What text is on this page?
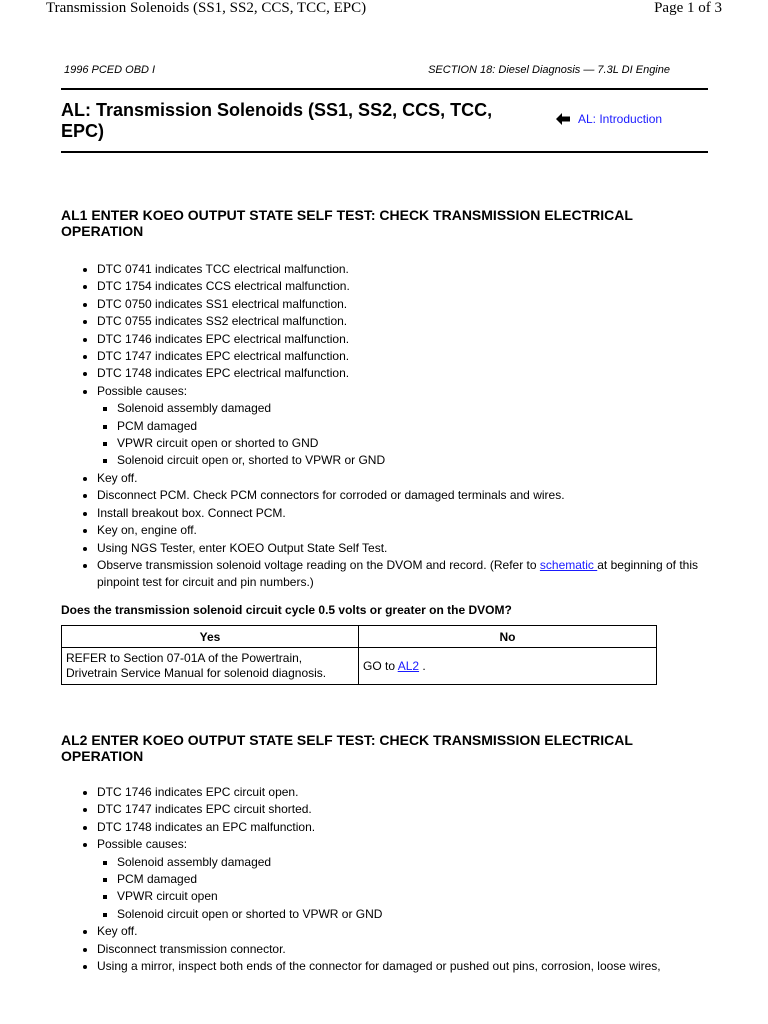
Transmission Solenoids (SS1, SS2, CCS, TCC, EPC)	Page 1 of 3
1996 PCED OBD I	SECTION 18: Diesel Diagnosis — 7.3L DI Engine
AL: Transmission Solenoids (SS1, SS2, CCS, TCC, EPC)
AL: Introduction
AL1 ENTER KOEO OUTPUT STATE SELF TEST: CHECK TRANSMISSION ELECTRICAL OPERATION
• DTC 0741 indicates TCC electrical malfunction.
• DTC 1754 indicates CCS electrical malfunction.
• DTC 0750 indicates SS1 electrical malfunction.
• DTC 0755 indicates SS2 electrical malfunction.
• DTC 1746 indicates EPC electrical malfunction.
• DTC 1747 indicates EPC electrical malfunction.
• DTC 1748 indicates EPC electrical malfunction.
• Possible causes:
▪ Solenoid assembly damaged
▪ PCM damaged
▪ VPWR circuit open or shorted to GND
▪ Solenoid circuit open or, shorted to VPWR or GND
• Key off.
• Disconnect PCM. Check PCM connectors for corroded or damaged terminals and wires.
• Install breakout box. Connect PCM.
• Key on, engine off.
• Using NGS Tester, enter KOEO Output State Self Test.
• Observe transmission solenoid voltage reading on the DVOM and record. (Refer to schematic at beginning of this pinpoint test for circuit and pin numbers.)
Does the transmission solenoid circuit cycle 0.5 volts or greater on the DVOM?
Yes	No
REFER to Section 07-01A of the Powertrain, Drivetrain Service Manual for solenoid diagnosis.	GO to AL2 .
AL2 ENTER KOEO OUTPUT STATE SELF TEST: CHECK TRANSMISSION ELECTRICAL OPERATION
• DTC 1746 indicates EPC circuit open.
• DTC 1747 indicates EPC circuit shorted.
• DTC 1748 indicates an EPC malfunction.
• Possible causes:
▪ Solenoid assembly damaged
▪ PCM damaged
▪ VPWR circuit open
▪ Solenoid circuit open or shorted to VPWR or GND
• Key off.
• Disconnect transmission connector.
• Using a mirror, inspect both ends of the connector for damaged or pushed out pins, corrosion, loose wires,
